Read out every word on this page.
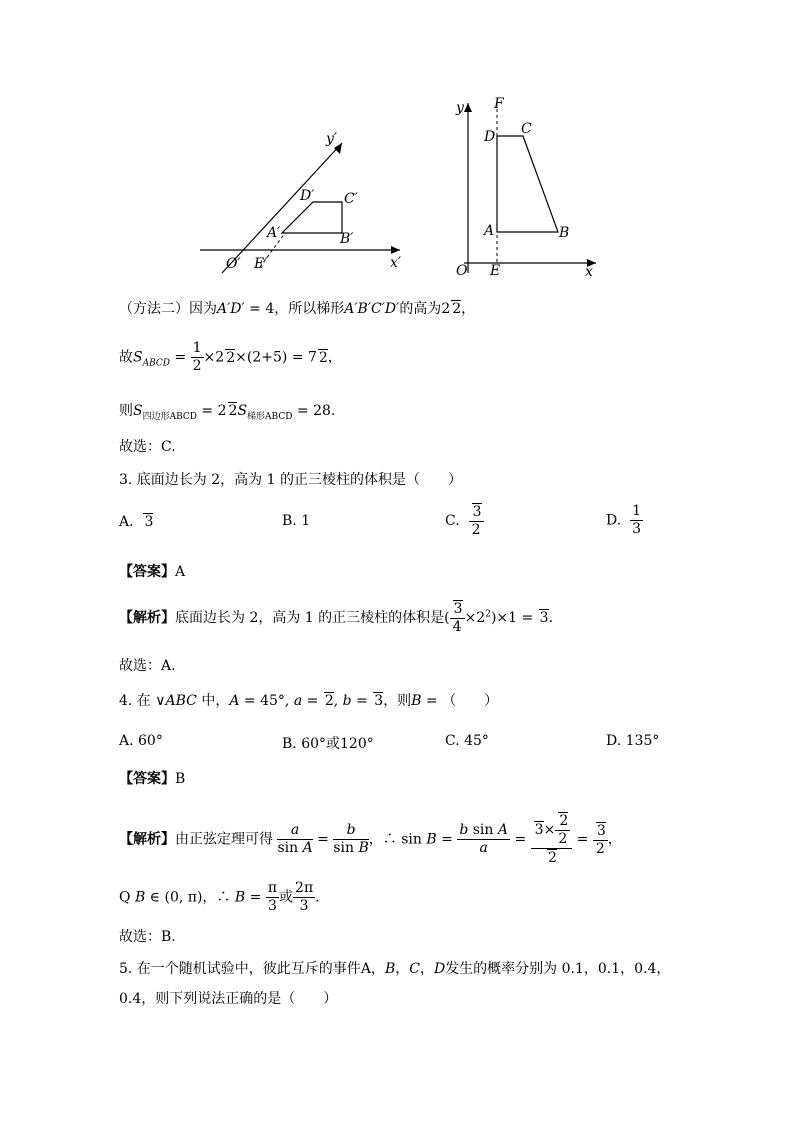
y′
x′
O′ E′
A′	B′
C′
D′
y F
x
O E
A	B
C
D
（方法二）因为A′D′ = 4，所以梯形A′B′C′D′的高为2 2，
故$S_{ABCD} = \frac{1}{2} \times 2$ 2×(2+5) = 7 2，
则$S_{四边形ABCD} = 2$ $2S_{梯形ABCD} = 28$.
故选：C.
3. 底面边长为 2，高为 1 的正三棱柱的体积是（　　）
A. 3	B. 1	C. $\frac{3}{2}$	D. $\frac{1}{3}$
【答案】A
【解析】底面边长为 2，高为 1 的正三棱柱的体积是( $\frac{3}{4} \times 2^2)\times 1 = 3$.
故选：A.
4. 在 ∨ABC 中，A = 45°, a = 2, b = 3，则B = （　　）
A. 60°	B. 60°或120°	C. 45°	D. 135°
【答案】B
【解析】由正弦定理可得 $\frac{a}{\text{sin A}} = \frac{b}{\text{sin B}}$ ，∴ $\sin B = \frac{\text{b sin A}}{a} = \frac{3\times \frac{2}{2}}{2} = \frac{3}{2}$ ，
Q B ∈ (0, π)，∴ $B = \frac{\pi}{3}$ 或 $\frac{2\pi}{3}$ .
故选：B.
5. 在一个随机试验中，彼此互斥的事件A，B，C，D发生的概率分别为 0.1，0.1，0.4，
0.4，则下列说法正确的是（　　）
